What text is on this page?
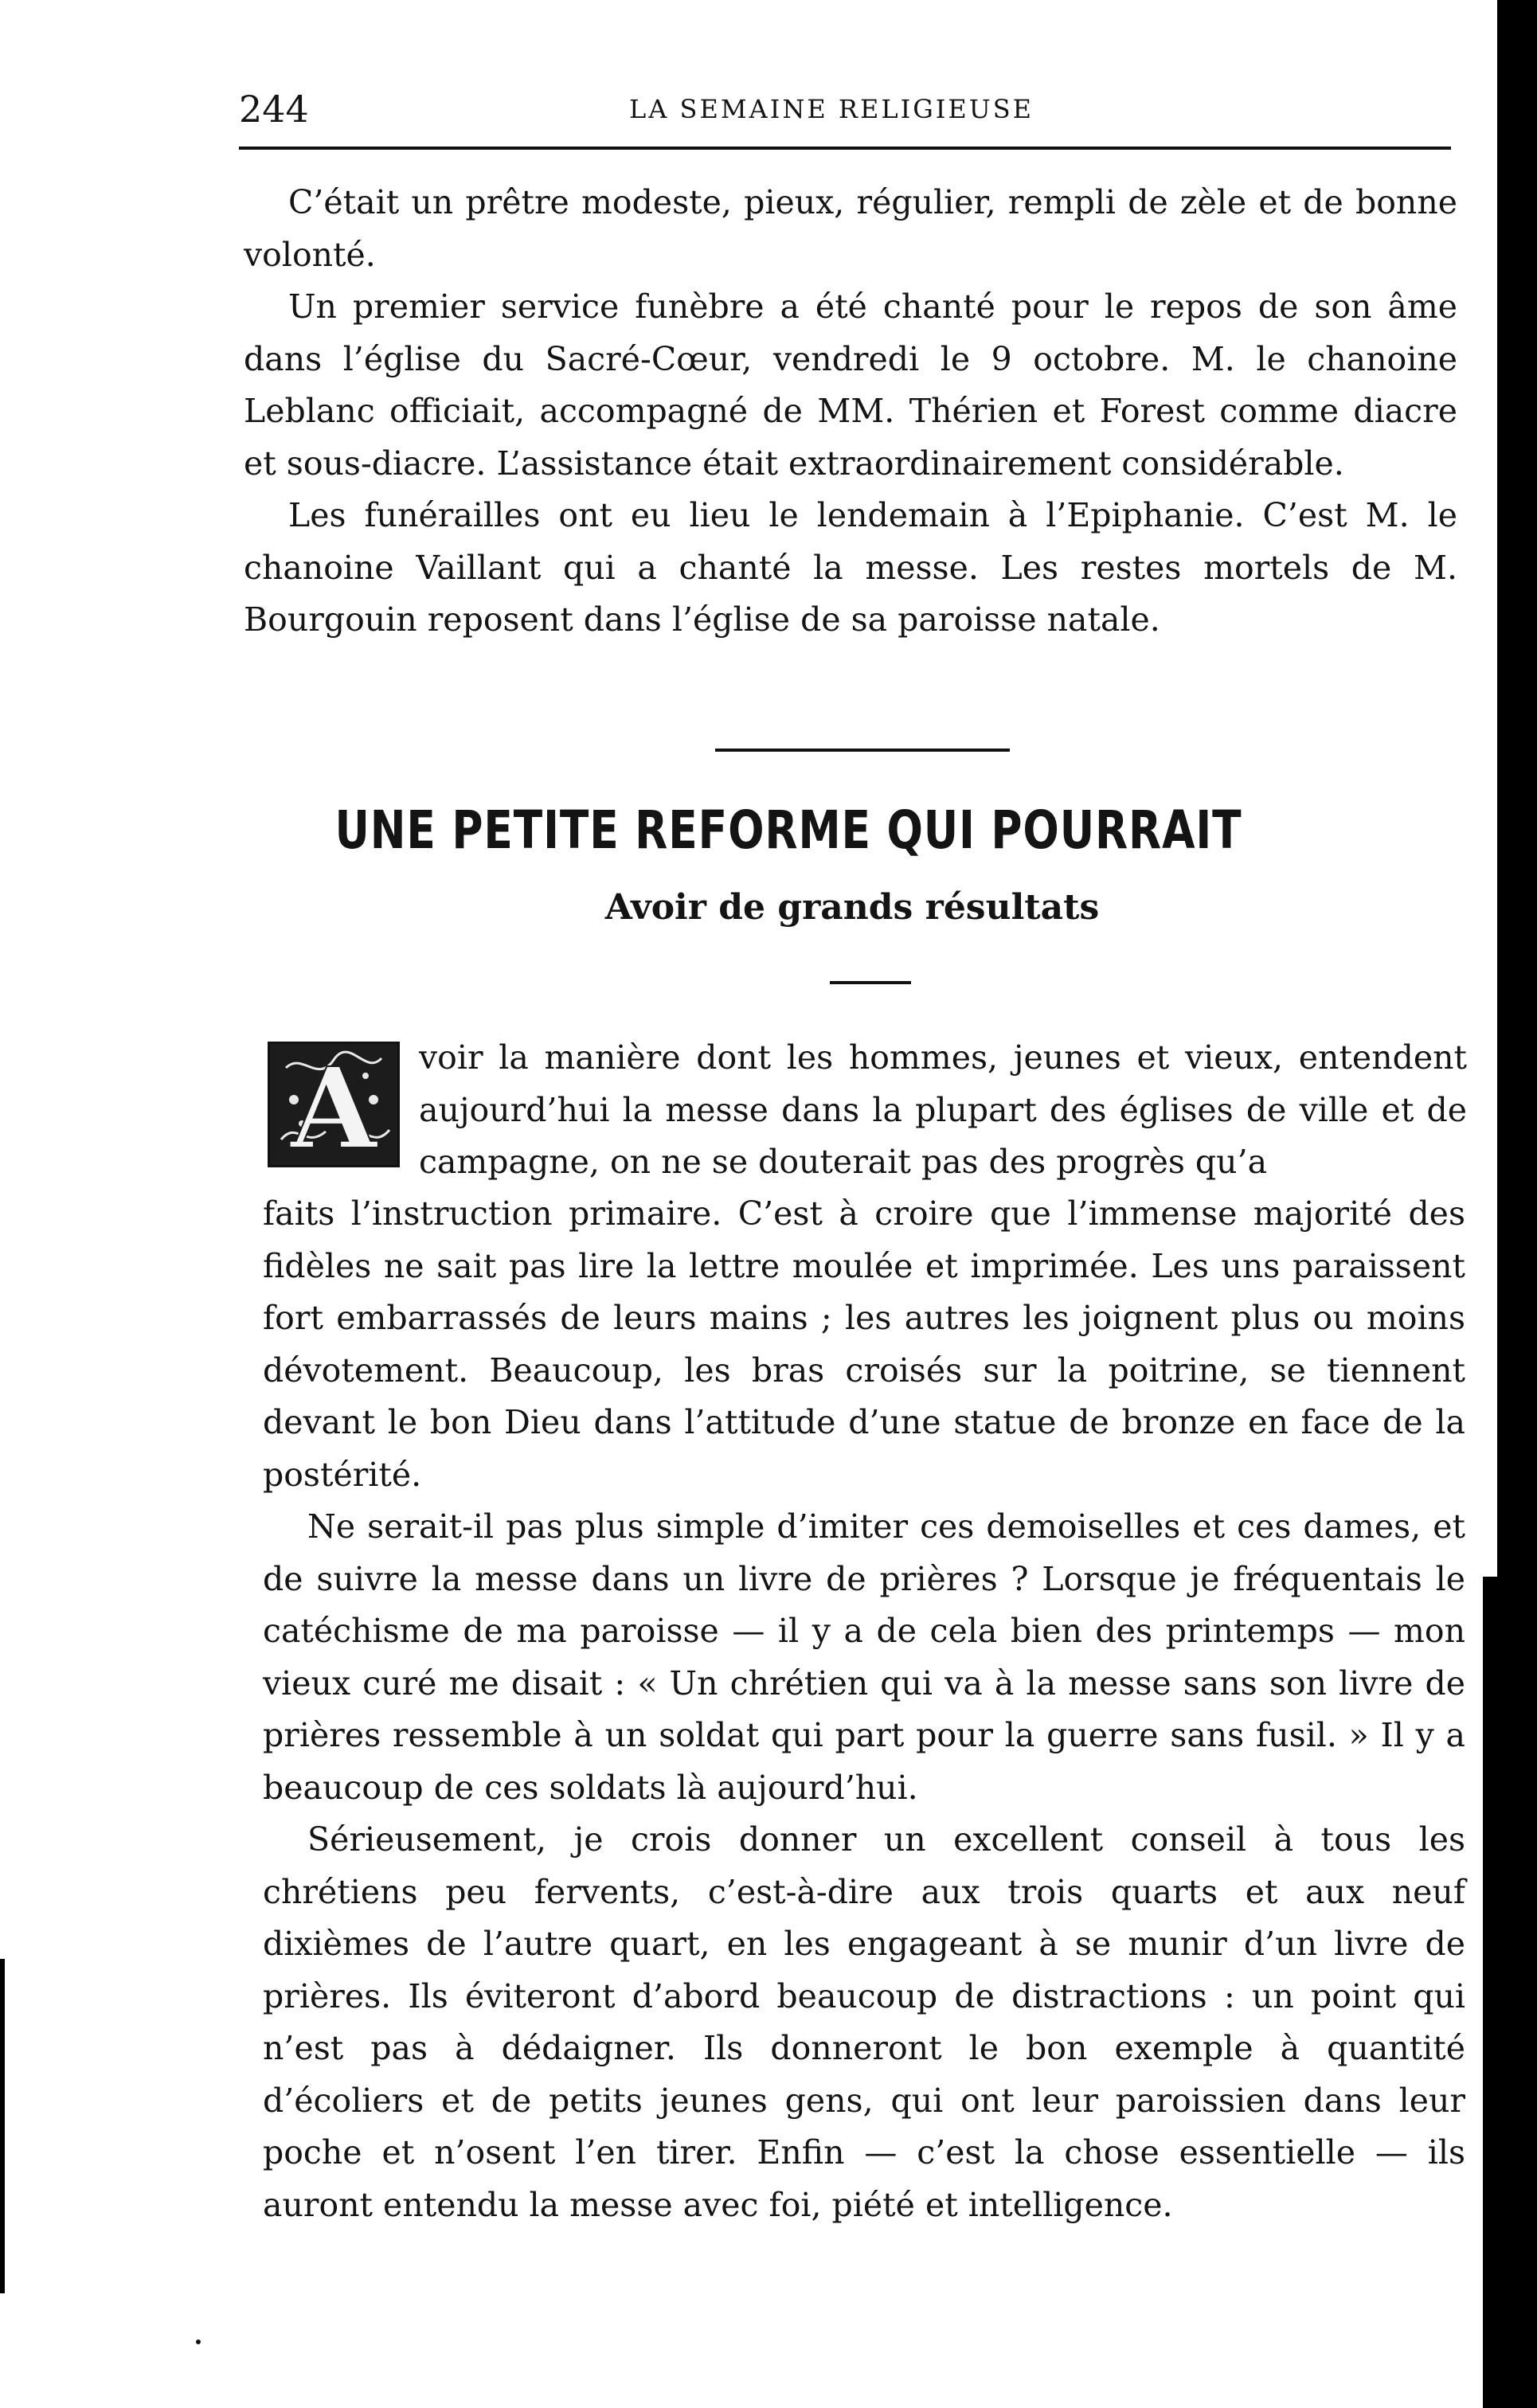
244	LA SEMAINE RELIGIEUSE

C’était un prêtre modeste, pieux, régulier, rempli de zèle et de bonne volonté.

Un premier service funèbre a été chanté pour le repos de son âme dans l’église du Sacré-Cœur, vendredi le 9 octobre. M. le chanoine Leblanc officiait, accompagné de MM. Thérien et Forest comme diacre et sous-diacre. L’assistance était extraordinairement considérable.

Les funérailles ont eu lieu le lendemain à l’Epiphanie. C’est M. le chanoine Vaillant qui a chanté la messe. Les restes mortels de M. Bourgouin reposent dans l’église de sa paroisse natale.

UNE PETITE REFORME QUI POURRAIT
Avoir de grands résultats
A voir la manière dont les hommes, jeunes et vieux, entendent aujourd’hui la messe dans la plupart des églises de ville et de campagne, on ne se douterait pas des progrès qu’a

faits l’instruction primaire. C’est à croire que l’immense majorité des fidèles ne sait pas lire la lettre moulée et imprimée. Les uns paraissent fort embarrassés de leurs mains ; les autres les joignent plus ou moins dévotement. Beaucoup, les bras croisés sur la poitrine, se tiennent devant le bon Dieu dans l’attitude d’une statue de bronze en face de la postérité.

Ne serait-il pas plus simple d’imiter ces demoiselles et ces dames, et de suivre la messe dans un livre de prières ? Lorsque je fréquentais le catéchisme de ma paroisse — il y a de cela bien des printemps — mon vieux curé me disait : « Un chrétien qui va à la messe sans son livre de prières ressemble à un soldat qui part pour la guerre sans fusil. » Il y a beaucoup de ces soldats là aujourd’hui.

Sérieusement, je crois donner un excellent conseil à tous les chrétiens peu fervents, c’est-à-dire aux trois quarts et aux neuf dixièmes de l’autre quart, en les engageant à se munir d’un livre de prières. Ils éviteront d’abord beaucoup de distractions : un point qui n’est pas à dédaigner. Ils donneront le bon exemple à quantité d’écoliers et de petits jeunes gens, qui ont leur paroissien dans leur poche et n’osent l’en tirer. Enfin — c’est la chose essentielle — ils auront entendu la messe avec foi, piété et intelligence.
